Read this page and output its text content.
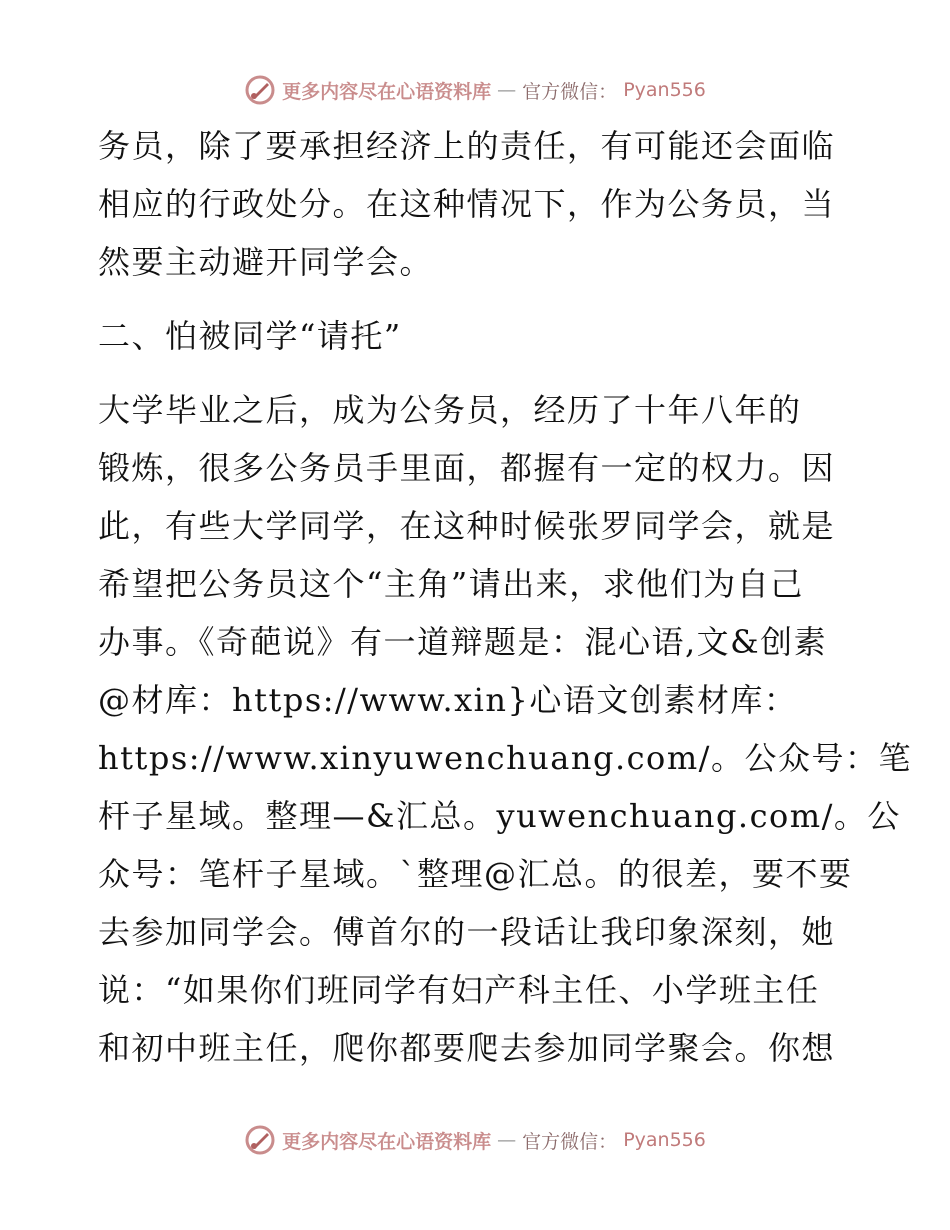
更多内容尽在心语资料库 — 官方微信： Pyan556

务员，除了要承担经济上的责任，有可能还会面临

相应的行政处分。在这种情况下，作为公务员，当

然要主动避开同学会。

二、怕被同学“请托”

大学毕业之后，成为公务员，经历了十年八年的

锻炼，很多公务员手里面，都握有一定的权力。因

此，有些大学同学，在这种时候张罗同学会，就是

希望把公务员这个“主角”请出来，求他们为自己

办事。《奇葩说》有一道辩题是：混心语,文&创素

@材库：https://www.xin}心语文创素材库：

https://www.xinyuwenchuang.com/。公众号：笔

杆子星域。整理—&汇总。yuwenchuang.com/。公

众号：笔杆子星域。`整理@汇总。的很差，要不要

去参加同学会。傅首尔的一段话让我印象深刻，她

说：“如果你们班同学有妇产科主任、小学班主任

和初中班主任，爬你都要爬去参加同学聚会。你想

更多内容尽在心语资料库 — 官方微信： Pyan556
